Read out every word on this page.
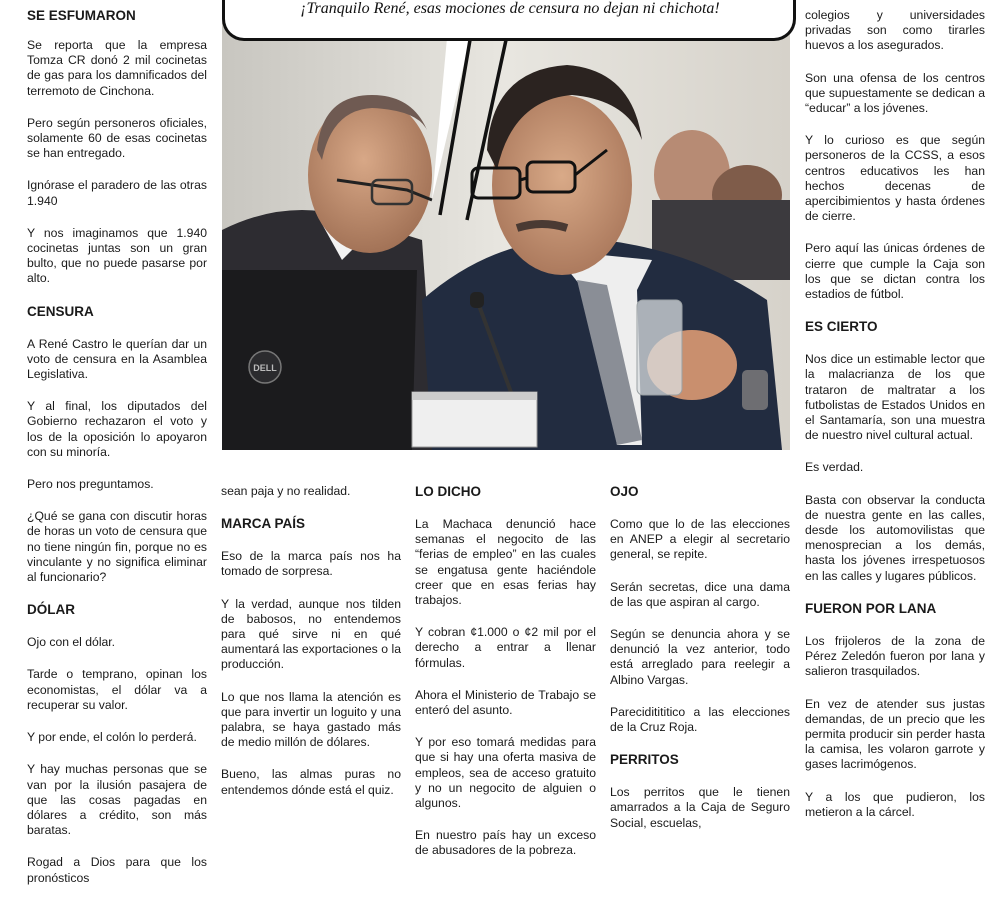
DELL
¡Tranquilo René, esas mociones de censura no dejan ni chichota!
SE ESFUMARON

Se reporta que la empresa Tomza CR donó 2 mil cocinetas de gas para los damnificados del terremoto de Cinchona.

Pero según personeros oficiales, solamente 60 de esas cocinetas se han entregado.

Ignórase el paradero de las otras 1.940

Y nos imaginamos que 1.940 cocinetas juntas son un gran bulto, que no puede pasarse por alto.

CENSURA

A René Castro le querían dar un voto de censura en la Asamblea Legislativa.

Y al final, los diputados del Gobierno rechazaron el voto y los de la oposición lo apoyaron con su minoría.

Pero nos preguntamos.

¿Qué se gana con discutir horas de horas un voto de censura que no tiene ningún fin, porque no es vinculante y no significa eliminar al funcionario?

DÓLAR

Ojo con el dólar.

Tarde o temprano, opinan los economistas, el dólar va a recuperar su valor.

Y por ende, el colón lo perderá.

Y hay muchas personas que se van por la ilusión pasajera de que las cosas pagadas en dólares a crédito, son más baratas.

Rogad a Dios para que los pronósticos

sean paja y no realidad.

MARCA PAÍS

Eso de la marca país nos ha tomado de sorpresa.

Y la verdad, aunque nos tilden de babosos, no entendemos para qué sirve ni en qué aumentará las exportaciones o la producción.

Lo que nos llama la atención es que para invertir un loguito y una palabra, se haya gastado más de medio millón de dólares.

Bueno, las almas puras no entendemos dónde está el quiz.

LO DICHO

La Machaca denunció hace semanas el negocito de las “ferias de empleo” en las cuales se engatusa gente haciéndole creer que en esas ferias hay trabajos.

Y cobran ¢1.000 o ¢2 mil por el derecho a entrar a llenar fórmulas.

Ahora el Ministerio de Trabajo se enteró del asunto.

Y por eso tomará medidas para que si hay una oferta masiva de empleos, sea de acceso gratuito y no un negocito de alguien o algunos.

En nuestro país hay un exceso de abusadores de la pobreza.

OJO

Como que lo de las elecciones en ANEP a elegir al secretario general, se repite.

Serán secretas, dice una dama de las que aspiran al cargo.

Según se denuncia ahora y se denunció la vez anterior, todo está arreglado para reelegir a Albino Vargas.

Pareciditititico a las elecciones de la Cruz Roja.

PERRITOS

Los perritos que le tienen amarrados a la Caja de Seguro Social, escuelas,

colegios y universidades privadas son como tirarles huevos a los asegurados.

Son una ofensa de los centros que supuestamente se dedican a “educar” a los jóvenes.

Y lo curioso es que según personeros de la CCSS, a esos centros educativos les han hechos decenas de apercibimientos y hasta órdenes de cierre.

Pero aquí las únicas órdenes de cierre que cumple la Caja son los que se dictan contra los estadios de fútbol.

ES CIERTO

Nos dice un estimable lector que la malacrianza de los que trataron de maltratar a los futbolistas de Estados Unidos en el Santamaría, son una muestra de nuestro nivel cultural actual.

Es verdad.

Basta con observar la conducta de nuestra gente en las calles, desde los automovilistas que menosprecian a los demás, hasta los jóvenes irrespetuosos en las calles y lugares públicos.

FUERON POR LANA

Los frijoleros de la zona de Pérez Zeledón fueron por lana y salieron trasquilados.

En vez de atender sus justas demandas, de un precio que les permita producir sin perder hasta la camisa, les volaron garrote y gases lacrimógenos.

Y a los que pudieron, los metieron a la cárcel.
